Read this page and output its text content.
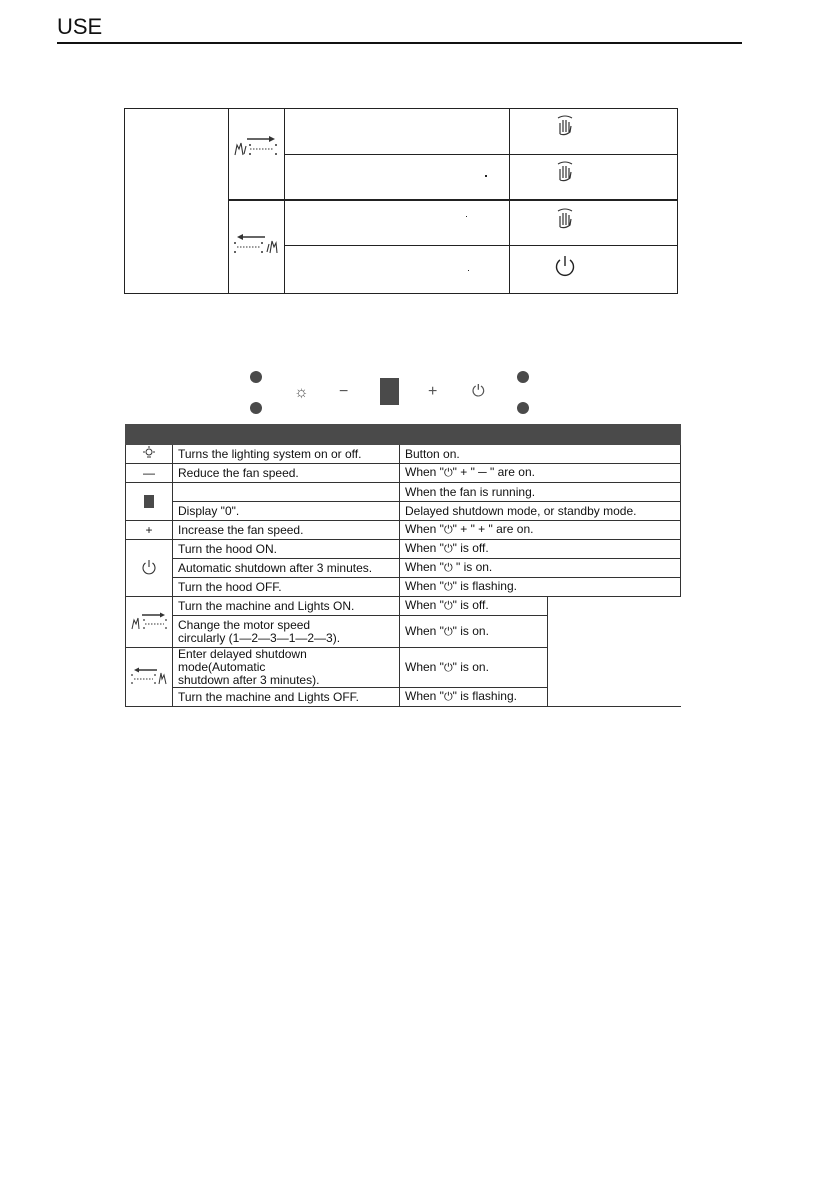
USE
☼ −	+ ⏻

	Turns the lighting system on or off.	Button on.	
—	Reduce the fan speed.	When "⏻" + " ─ " are on.	
		When the fan is running.	
	Display "0".	Delayed shutdown mode, or standby mode.	
+	Increase the fan speed.	When "⏻" + " + " are on.	
	Turn the hood ON.	When "⏻" is off.	
	Automatic shutdown after 3 minutes.	When "⏻ " is on.	
	Turn the hood OFF.	When "⏻" is flashing.	
	Turn the machine and Lights ON.	When "⏻" is off.	
	Change the motor speed
circularly (1—2—3—1—2—3).	When "⏻" is on.	
	Enter delayed shutdown mode(Automatic
shutdown after 3 minutes).	When "⏻" is on.	
	Turn the machine and Lights OFF.	When "⏻" is flashing.	
